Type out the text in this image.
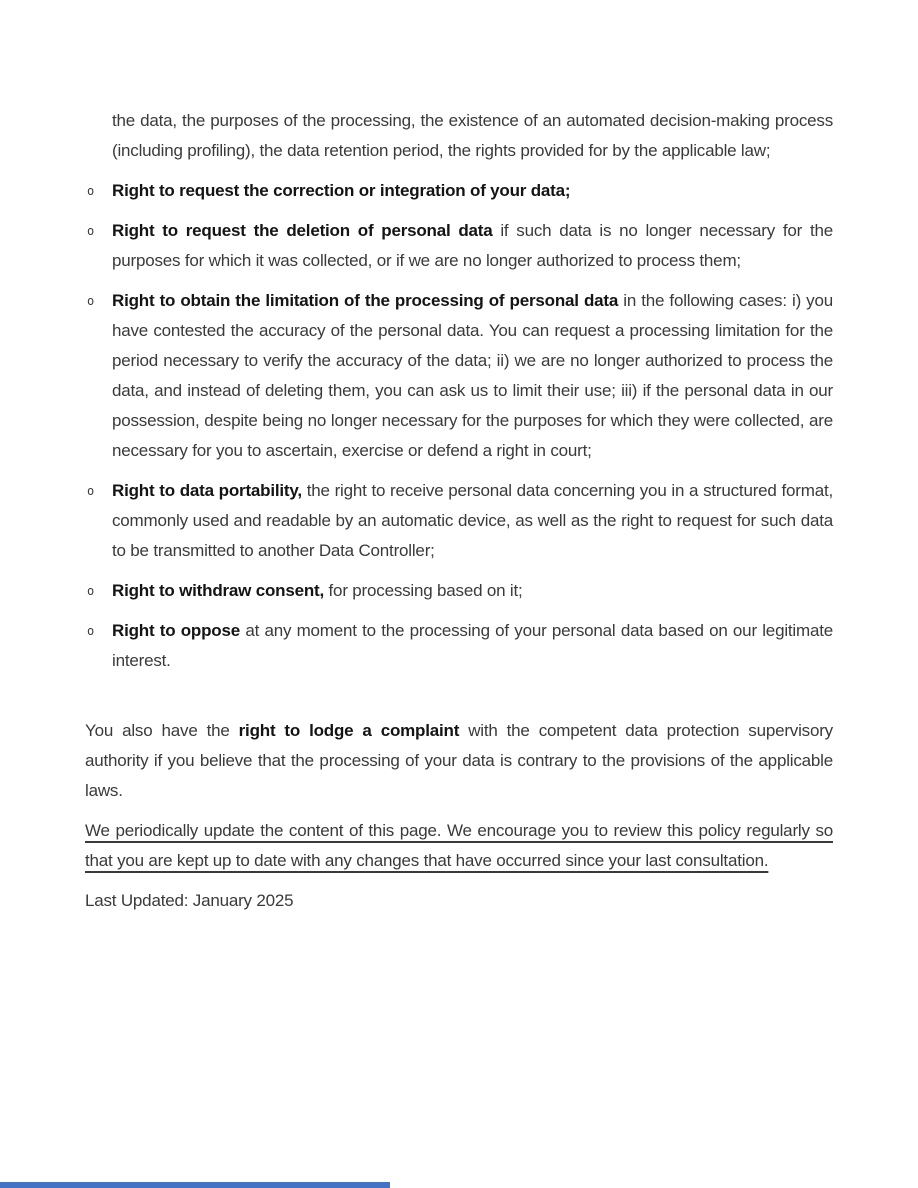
the data, the purposes of the processing, the existence of an automated decision-making process (including profiling), the data retention period, the rights provided for by the applicable law;

o	Right to request the correction or integration of your data;
o	Right to request the deletion of personal data if such data is no longer necessary for the purposes for which it was collected, or if we are no longer authorized to process them;
o	Right to obtain the limitation of the processing of personal data in the following cases: i) you have contested the accuracy of the personal data. You can request a processing limitation for the period necessary to verify the accuracy of the data; ii) we are no longer authorized to process the data, and instead of deleting them, you can ask us to limit their use; iii) if the personal data in our possession, despite being no longer necessary for the purposes for which they were collected, are necessary for you to ascertain, exercise or defend a right in court;
o	Right to data portability, the right to receive personal data concerning you in a structured format, commonly used and readable by an automatic device, as well as the right to request for such data to be transmitted to another Data Controller;
o	Right to withdraw consent, for processing based on it;
o	Right to oppose at any moment to the processing of your personal data based on our legitimate interest.

You also have the right to lodge a complaint with the competent data protection supervisory authority if you believe that the processing of your data is contrary to the provisions of the applicable laws.

We periodically update the content of this page. We encourage you to review this policy regularly so that you are kept up to date with any changes that have occurred since your last consultation.

Last Updated: January 2025
